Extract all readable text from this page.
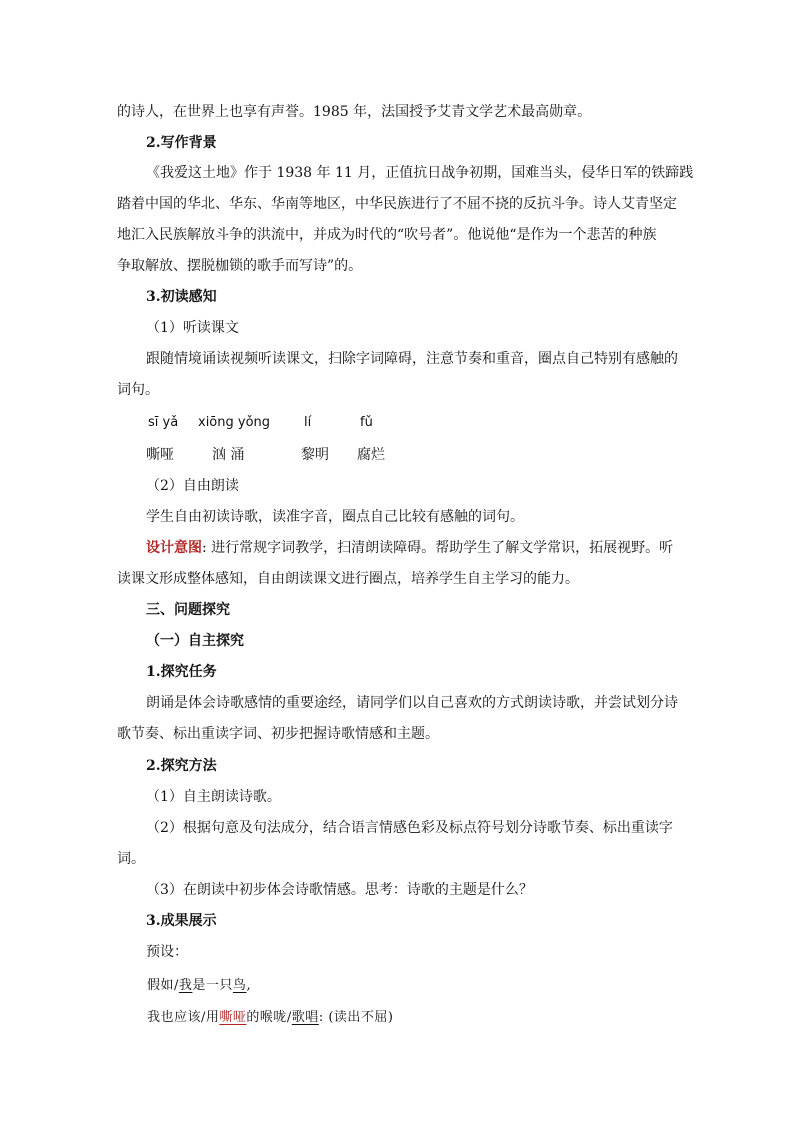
的诗人，在世界上也享有声誉。1985 年，法国授予艾青文学艺术最高勋章。
2.写作背景
《我爱这土地》作于 1938 年 11 月，正值抗日战争初期，国难当头，侵华日军的铁蹄践
踏着中国的华北、华东、华南等地区，中华民族进行了不屈不挠的反抗斗争。诗人艾青坚定
地汇入民族解放斗争的洪流中，并成为时代的“吹号者”。他说他“是作为一个悲苦的种族
争取解放、摆脱枷锁的歌手而写诗”的。
3.初读感知
（1）听读课文
跟随情境诵读视频听读课文，扫除字词障碍，注意节奏和重音，圈点自己特别有感触的
词句。
sī yǎ xiōng yǒng	lí	fǔ
嘶哑	汹 涌	黎明 腐烂
（2）自由朗读
学生自由初读诗歌，读准字音，圈点自己比较有感触的词句。
设计意图: 进行常规字词教学，扫清朗读障碍。帮助学生了解文学常识，拓展视野。听
读课文形成整体感知，自由朗读课文进行圈点，培养学生自主学习的能力。
三、问题探究
（一）自主探究
1.探究任务
朗诵是体会诗歌感情的重要途经，请同学们以自己喜欢的方式朗读诗歌，并尝试划分诗
歌节奏、标出重读字词、初步把握诗歌情感和主题。
2.探究方法
（1）自主朗读诗歌。
（2）根据句意及句法成分，结合语言情感色彩及标点符号划分诗歌节奏、标出重读字
词。
（3）在朗读中初步体会诗歌情感。思考：诗歌的主题是什么？
3.成果展示
预设：
假如/我是一只鸟,
我也应该/用嘶哑的喉咙/歌唱: (读出不屈)
